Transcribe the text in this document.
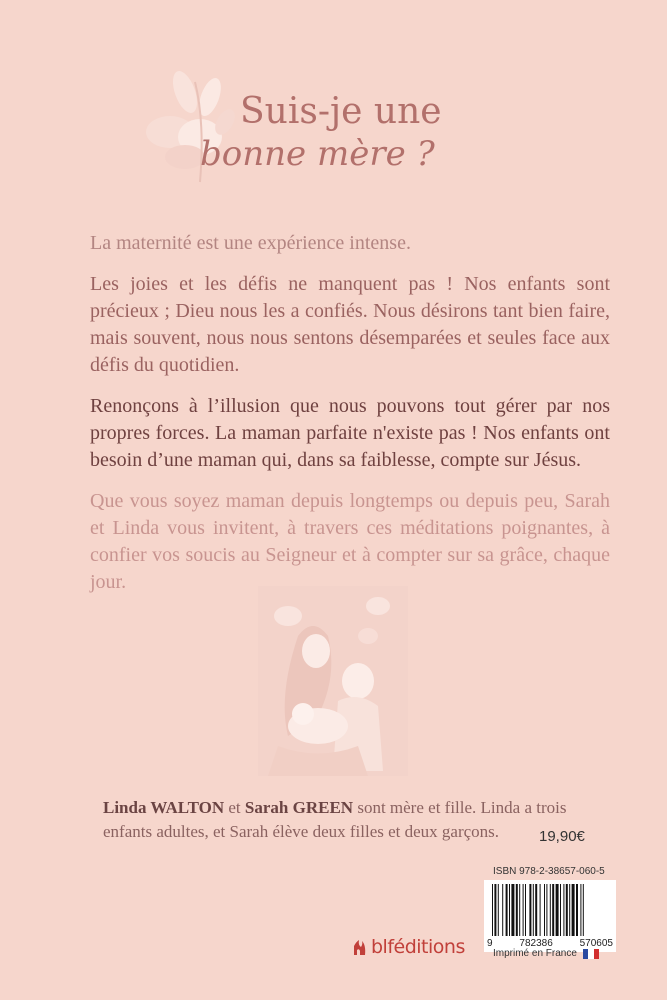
Suis-je une
bonne mère ?

La maternité est une expérience intense.

Les joies et les défis ne manquent pas ! Nos enfants sont précieux ; Dieu nous les a confiés. Nous désirons tant bien faire, mais souvent, nous nous sentons désemparées et seules face aux défis du quotidien.

Renonçons à l’illusion que nous pouvons tout gérer par nos propres forces. La maman parfaite n'existe pas ! Nos enfants ont besoin d’une maman qui, dans sa faiblesse, compte sur Jésus.

Que vous soyez maman depuis longtemps ou depuis peu, Sarah et Linda vous invitent, à travers ces méditations poignantes, à confier vos soucis au Seigneur et à compter sur sa grâce, chaque jour.

Linda WALTON et Sarah GREEN sont mère et fille. Linda a trois enfants adultes, et Sarah élève deux filles et deux garçons.	19,90€
ISBN 978-2-38657-060-5
9	782386	570605
Imprimé en France
blféditions
